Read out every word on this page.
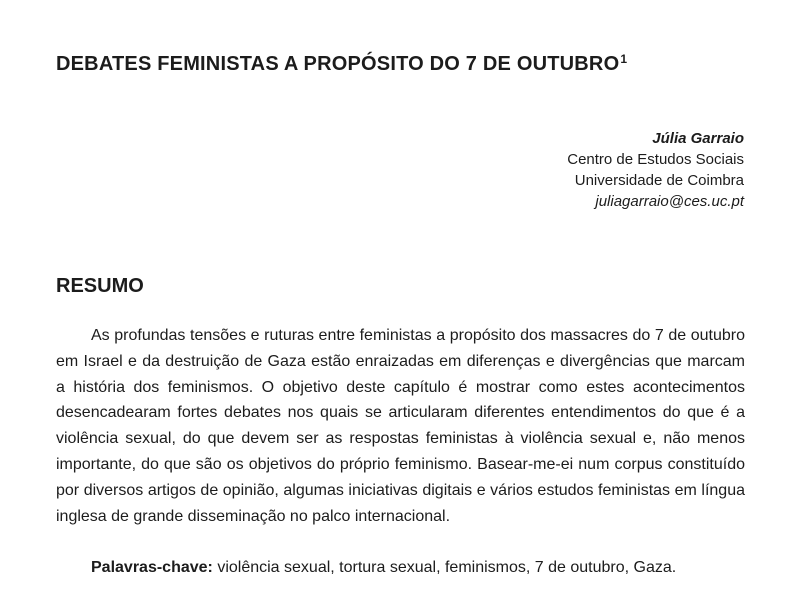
DEBATES FEMINISTAS A PROPÓSITO DO 7 DE OUTUBRO$^1$
Júlia Garraio
Centro de Estudos Sociais
Universidade de Coimbra
juliagarraio@ces.uc.pt
RESUMO

As profundas tensões e ruturas entre feministas a propósito dos massacres do 7 de outubro em Israel e da destruição de Gaza estão enraizadas em diferenças e divergências que marcam a história dos feminismos. O objetivo deste capítulo é mostrar como estes acontecimentos desencadearam fortes debates nos quais se articularam diferentes entendimentos do que é a violência sexual, do que devem ser as respostas feministas à violência sexual e, não menos importante, do que são os objetivos do próprio feminismo. Basear-me-ei num corpus constituído por diversos artigos de opinião, algumas iniciativas digitais e vários estudos feministas em língua inglesa de grande disseminação no palco internacional.

Palavras-chave: violência sexual, tortura sexual, feminismos, 7 de outubro, Gaza.
